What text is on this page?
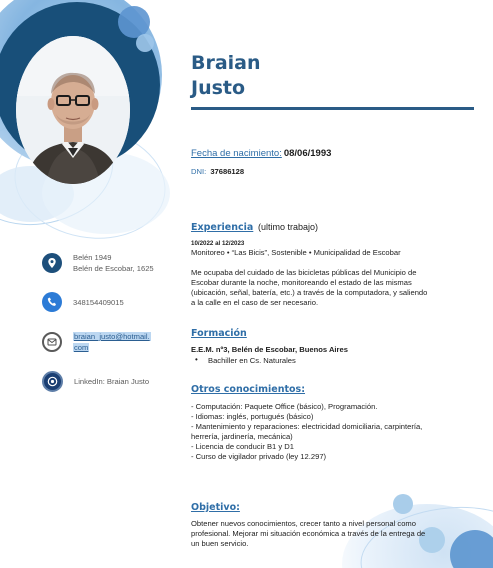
Braian
Justo
Fecha de nacimiento: 08/06/1993
DNI: 37686128
Belén 1949
Belén de Escobar, 1625
348154409015
braian_justo@hotmail.
com
LinkedIn: Braian Justo
Experiencia (ultimo trabajo)
10/2022 al 12/2023
Monitoreo • “Las Bicis”, Sostenible • Municipalidad de Escobar
Me ocupaba del cuidado de las bicicletas públicas del Municipio de
Escobar durante la noche, monitoreando el estado de las mismas
(ubicación, señal, batería, etc.) a través de la computadora, y saliendo
a la calle en el caso de ser necesario.
Formación
E.E.M. nº3, Belén de Escobar, Buenos Aires
• Bachiller en Cs. Naturales
Otros conocimientos:
- Computación: Paquete Office (básico), Programación.
- Idiomas: inglés, portugués (básico)
- Mantenimiento y reparaciones: electricidad domiciliaria, carpintería,
herrería, jardinería, mecánica)
- Licencia de conducir B1 y D1
- Curso de vigilador privado (ley 12.297)
Objetivo:
Obtener nuevos conocimientos, crecer tanto a nivel personal como
profesional. Mejorar mi situación económica a través de la entrega de
un buen servicio.
